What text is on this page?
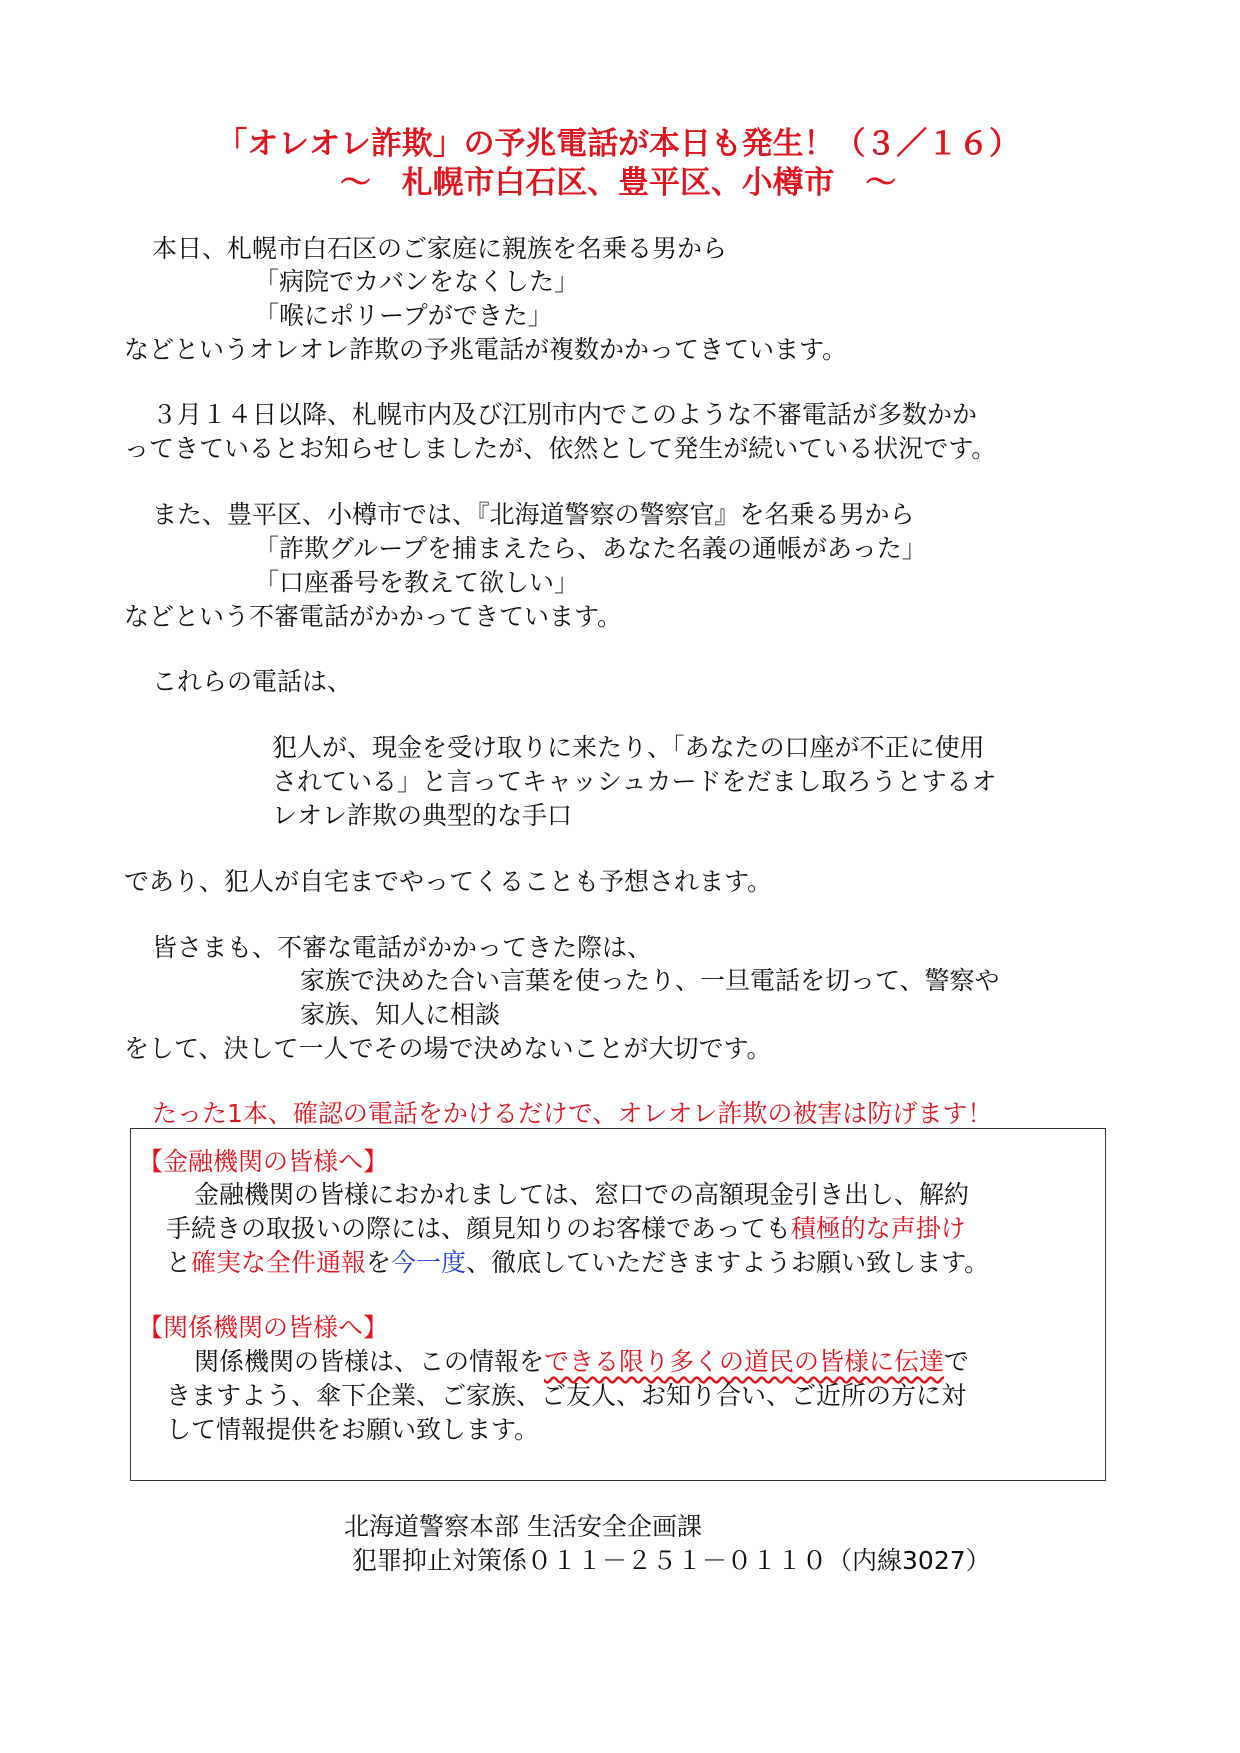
「オレオレ詐欺」の予兆電話が本日も発生！（３／１６）
～　札幌市白石区、豊平区、小樽市　～

本日、札幌市白石区のご家庭に親族を名乗る男から

「病院でカバンをなくした」

「喉にポリープができた」

などというオレオレ詐欺の予兆電話が複数かかってきています。

３月１４日以降、札幌市内及び江別市内でこのような不審電話が多数かか

ってきているとお知らせしましたが、依然として発生が続いている状況です。

また、豊平区、小樽市では、『北海道警察の警察官』を名乗る男から

「詐欺グループを捕まえたら、あなた名義の通帳があった」

「口座番号を教えて欲しい」

などという不審電話がかかってきています。

これらの電話は、

犯人が、現金を受け取りに来たり、「あなたの口座が不正に使用

されている」と言ってキャッシュカードをだまし取ろうとするオ

レオレ詐欺の典型的な手口

であり、犯人が自宅までやってくることも予想されます。

皆さまも、不審な電話がかかってきた際は、

家族で決めた合い言葉を使ったり、一旦電話を切って、警察や

家族、知人に相談

をして、決して一人でその場で決めないことが大切です。

たった1本、確認の電話をかけるだけで、オレオレ詐欺の被害は防げます！

【金融機関の皆様へ】

金融機関の皆様におかれましては、窓口での高額現金引き出し、解約

手続きの取扱いの際には、顔見知りのお客様であっても積極的な声掛け

と確実な全件通報を今一度、徹底していただきますようお願い致します。

【関係機関の皆様へ】

関係機関の皆様は、この情報をできる限り多くの道民の皆様に伝達で

きますよう、傘下企業、ご家族、ご友人、お知り合い、ご近所の方に対

して情報提供をお願い致します。

北海道警察本部 生活安全企画課

犯罪抑止対策係０１１－２５１－０１１０（内線3027）
